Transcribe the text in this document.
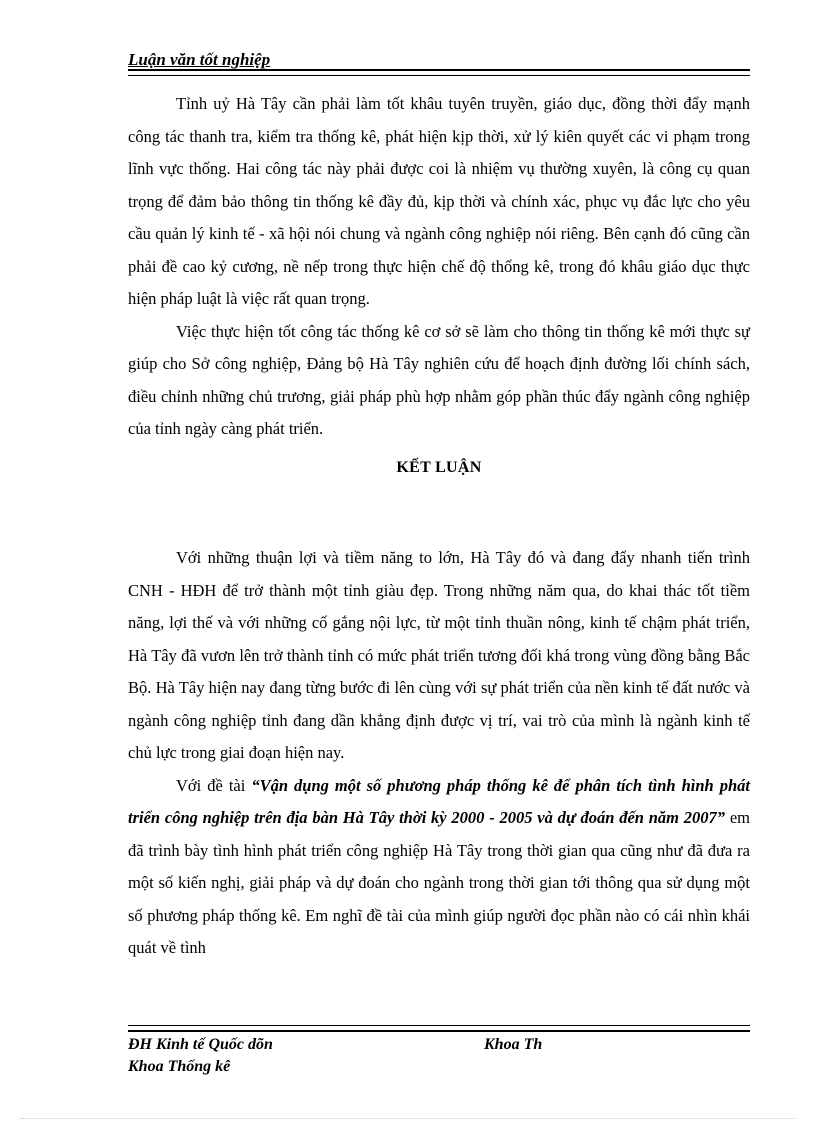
Luận văn tốt nghiệp

Tỉnh uỷ Hà Tây cần phải làm tốt khâu tuyên truyền, giáo dục, đồng thời đẩy mạnh công tác thanh tra, kiểm tra thống kê, phát hiện kịp thời, xử lý kiên quyết các vi phạm trong lĩnh vực thống. Hai công tác này phải được coi là nhiệm vụ thường xuyên, là công cụ quan trọng để đảm bảo thông tin thống kê đầy đủ, kịp thời và chính xác, phục vụ đắc lực cho yêu cầu quản lý kinh tế - xã hội nói chung và ngành công nghiệp nói riêng. Bên cạnh đó cũng cần phải đề cao kỷ cương, nề nếp trong thực hiện chế độ thống kê, trong đó khâu giáo dục thực hiện pháp luật là việc rất quan trọng.

Việc thực hiện tốt công tác thống kê cơ sở sẽ làm cho thông tin thống kê mới thực sự giúp cho Sở công nghiệp, Đảng bộ Hà Tây nghiên cứu để hoạch định đường lối chính sách, điều chỉnh những chủ trương, giải pháp phù hợp nhằm góp phần thúc đẩy ngành công nghiệp của tỉnh ngày càng phát triển.

KẾT LUẬN

Với những thuận lợi và tiềm năng to lớn, Hà Tây đó và đang đẩy nhanh tiến trình CNH - HĐH để trở thành một tỉnh giàu đẹp. Trong những năm qua, do khai thác tốt tiềm năng, lợi thế và với những cố gắng nội lực, từ một tỉnh thuần nông, kinh tế chậm phát triển, Hà Tây đã vươn lên trở thành tỉnh có mức phát triển tương đối khá trong vùng đồng bằng Bắc Bộ. Hà Tây hiện nay đang từng bước đi lên cùng với sự phát triển của nền kinh tế đất nước và ngành công nghiệp tỉnh đang dần khẳng định được vị trí, vai trò của mình là ngành kinh tế chủ lực trong giai đoạn hiện nay.

Với đề tài “Vận dụng một số phương pháp thống kê để phân tích tình hình phát triển công nghiệp trên địa bàn Hà Tây thời kỳ 2000 - 2005 và dự đoán đến năm 2007” em đã trình bày tình hình phát triển công nghiệp Hà Tây trong thời gian qua cũng như đã đưa ra một số kiến nghị, giải pháp và dự đoán cho ngành trong thời gian tới thông qua sử dụng một số phương pháp thống kê. Em nghĩ đề tài của mình giúp người đọc phần nào có cái nhìn khái quát về tình

ĐH Kinh tế Quốc dõn
Khoa Thống kê
Khoa Th
